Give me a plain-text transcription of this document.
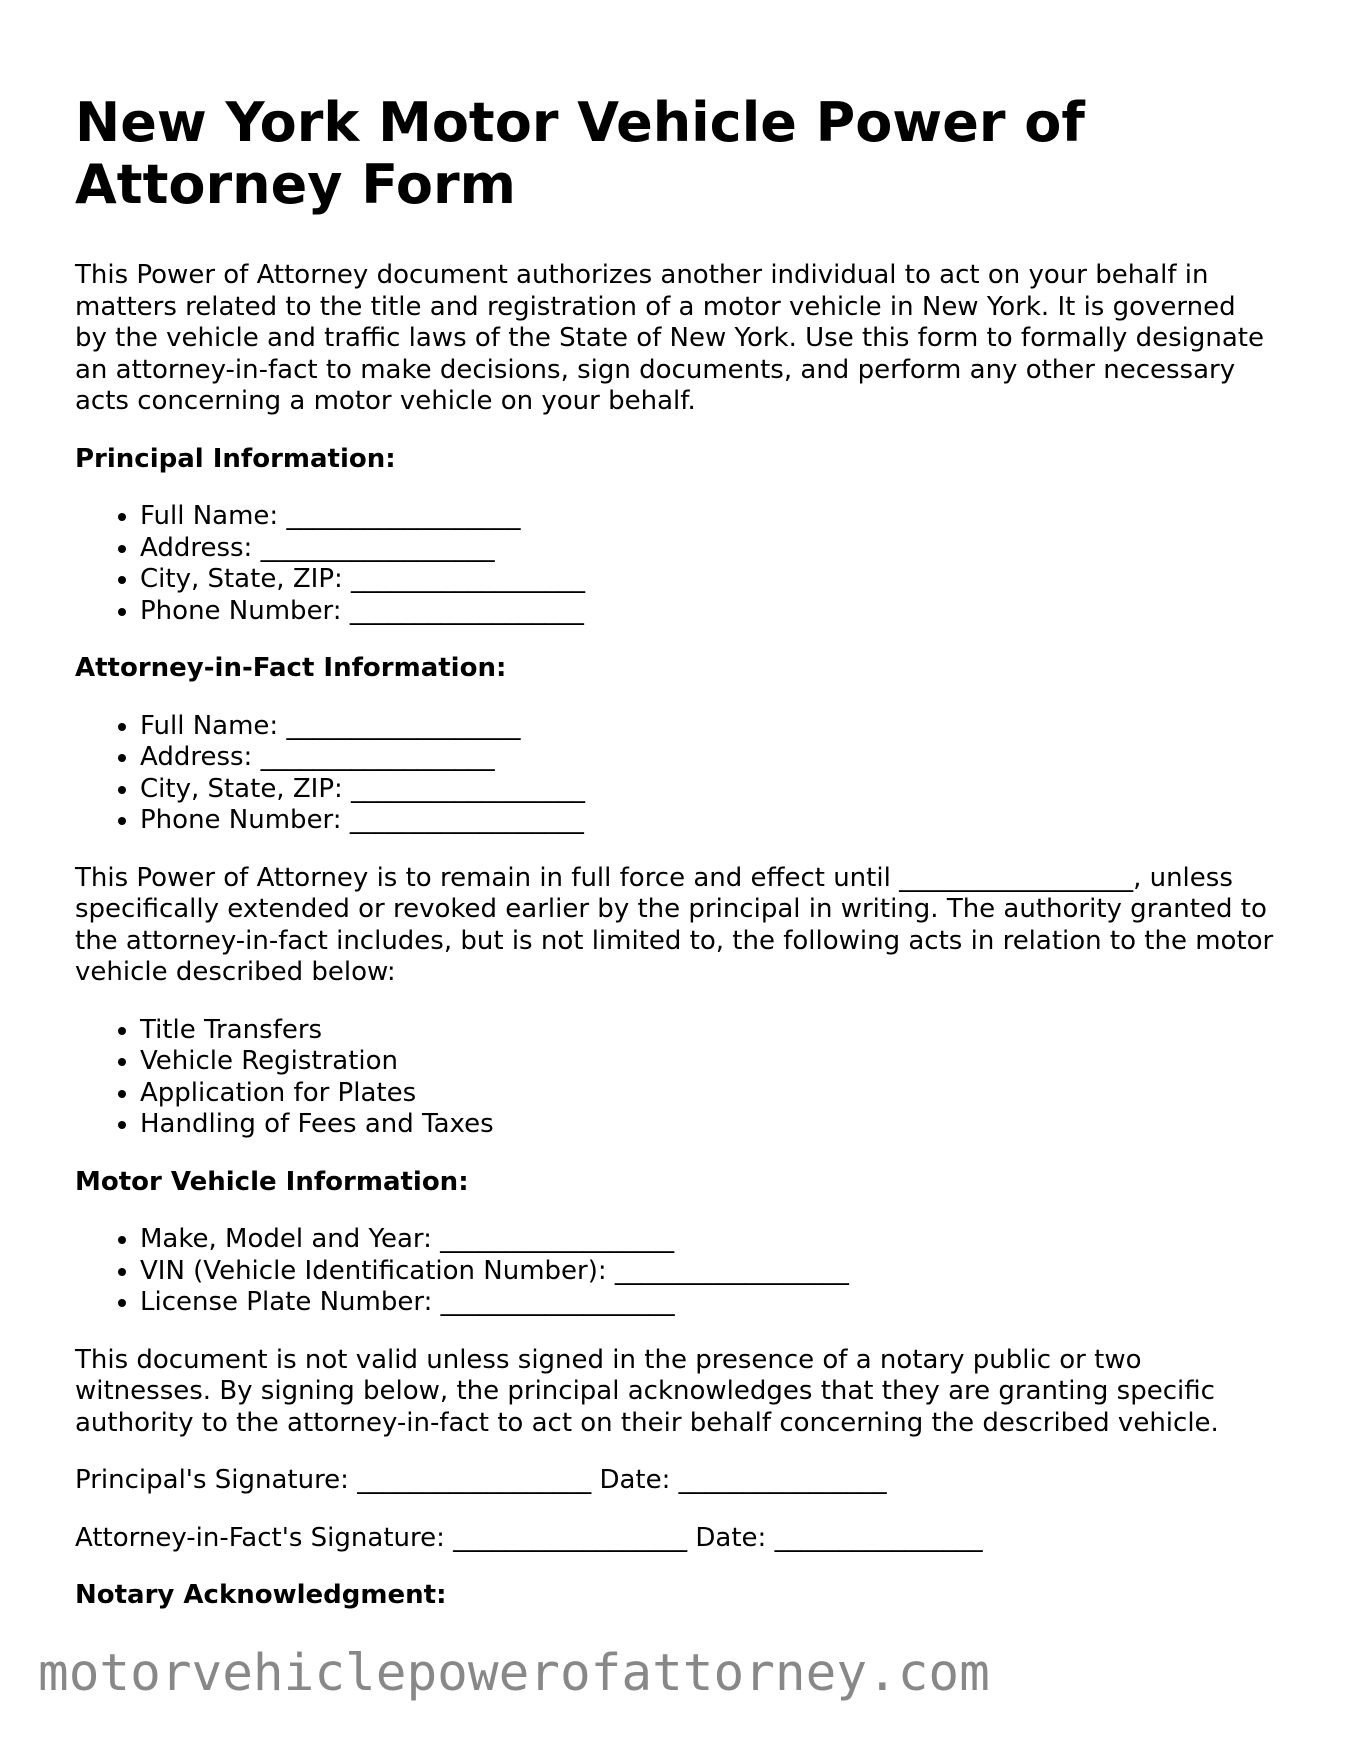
New York Motor Vehicle Power of Attorney Form

This Power of Attorney document authorizes another individual to act on your behalf in matters related to the title and registration of a motor vehicle in New York. It is governed by the vehicle and traffic laws of the State of New York. Use this form to formally designate an attorney-in-fact to make decisions, sign documents, and perform any other necessary acts concerning a motor vehicle on your behalf.

Principal Information:
• Full Name: __________________
• Address: __________________
• City, State, ZIP: __________________
• Phone Number: __________________
Attorney-in-Fact Information:
• Full Name: __________________
• Address: __________________
• City, State, ZIP: __________________
• Phone Number: __________________

This Power of Attorney is to remain in full force and effect until __________________, unless specifically extended or revoked earlier by the principal in writing. The authority granted to the attorney-in-fact includes, but is not limited to, the following acts in relation to the motor vehicle described below:

• Title Transfers
• Vehicle Registration
• Application for Plates
• Handling of Fees and Taxes
Motor Vehicle Information:
• Make, Model and Year: __________________
• VIN (Vehicle Identification Number): __________________
• License Plate Number: __________________

This document is not valid unless signed in the presence of a notary public or two witnesses. By signing below, the principal acknowledges that they are granting specific authority to the attorney-in-fact to act on their behalf concerning the described vehicle.

Principal's Signature: __________________ Date: ________________
Attorney-in-Fact's Signature: __________________ Date: ________________
Notary Acknowledgment:
motorvehiclepowerofattorney.com
